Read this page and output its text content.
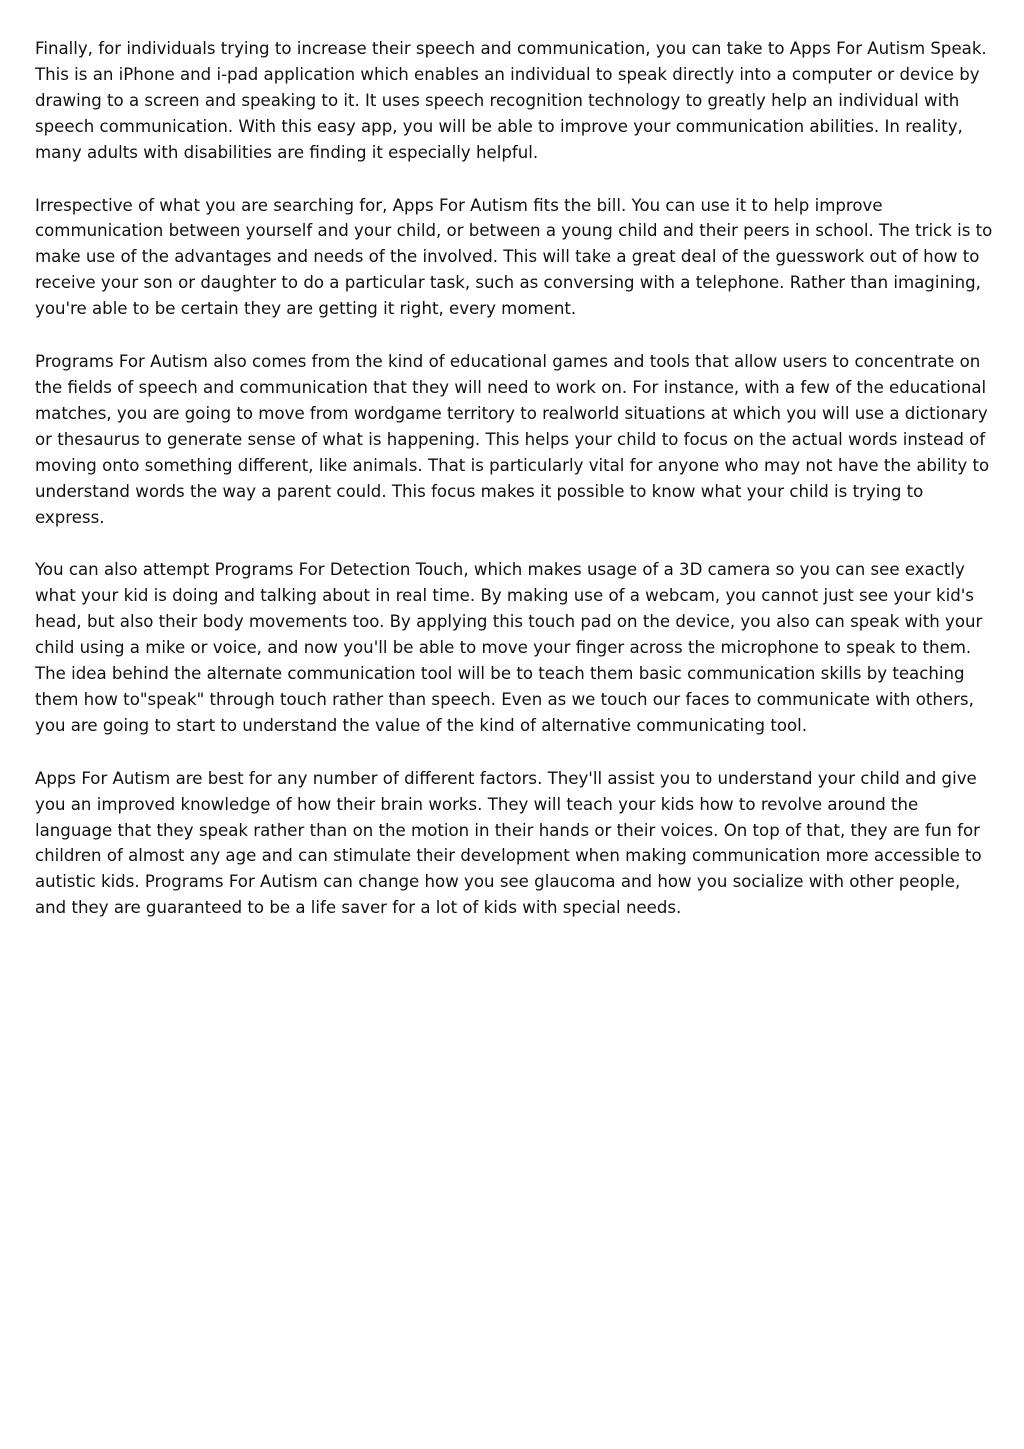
Finally, for individuals trying to increase their speech and communication, you can take to Apps For Autism Speak. This is an iPhone and i-pad application which enables an individual to speak directly into a computer or device by drawing to a screen and speaking to it. It uses speech recognition technology to greatly help an individual with speech communication. With this easy app, you will be able to improve your communication abilities. In reality, many adults with disabilities are finding it especially helpful.

Irrespective of what you are searching for, Apps For Autism fits the bill. You can use it to help improve communication between yourself and your child, or between a young child and their peers in school. The trick is to make use of the advantages and needs of the involved. This will take a great deal of the guesswork out of how to receive your son or daughter to do a particular task, such as conversing with a telephone. Rather than imagining, you're able to be certain they are getting it right, every moment.

Programs For Autism also comes from the kind of educational games and tools that allow users to concentrate on the fields of speech and communication that they will need to work on. For instance, with a few of the educational matches, you are going to move from wordgame territory to realworld situations at which you will use a dictionary or thesaurus to generate sense of what is happening. This helps your child to focus on the actual words instead of moving onto something different, like animals. That is particularly vital for anyone who may not have the ability to understand words the way a parent could. This focus makes it possible to know what your child is trying to express.

You can also attempt Programs For Detection Touch, which makes usage of a 3D camera so you can see exactly what your kid is doing and talking about in real time. By making use of a webcam, you cannot just see your kid's head, but also their body movements too. By applying this touch pad on the device, you also can speak with your child using a mike or voice, and now you'll be able to move your finger across the microphone to speak to them. The idea behind the alternate communication tool will be to teach them basic communication skills by teaching them how to"speak" through touch rather than speech. Even as we touch our faces to communicate with others, you are going to start to understand the value of the kind of alternative communicating tool.

Apps For Autism are best for any number of different factors. They'll assist you to understand your child and give you an improved knowledge of how their brain works. They will teach your kids how to revolve around the language that they speak rather than on the motion in their hands or their voices. On top of that, they are fun for children of almost any age and can stimulate their development when making communication more accessible to autistic kids. Programs For Autism can change how you see glaucoma and how you socialize with other people, and they are guaranteed to be a life saver for a lot of kids with special needs.
